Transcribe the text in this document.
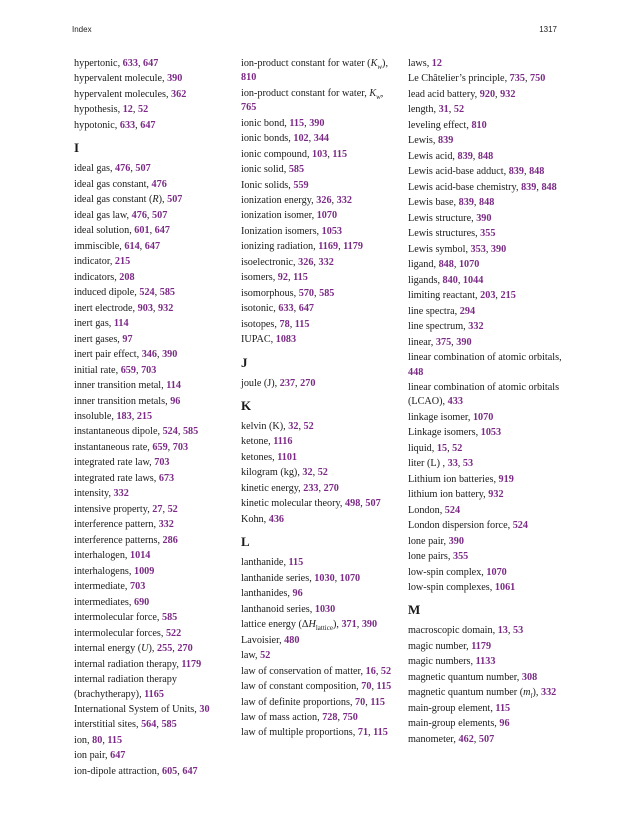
Index	1317
hypertonic, 633, 647
hypervalent molecule, 390
hypervalent molecules, 362
hypothesis, 12, 52
hypotonic, 633, 647
I
ideal gas, 476, 507
ideal gas constant, 476
ideal gas constant (R), 507
ideal gas law, 476, 507
ideal solution, 601, 647
immiscible, 614, 647
indicator, 215
indicators, 208
induced dipole, 524, 585
inert electrode, 903, 932
inert gas, 114
inert gases, 97
inert pair effect, 346, 390
initial rate, 659, 703
inner transition metal, 114
inner transition metals, 96
insoluble, 183, 215
instantaneous dipole, 524, 585
instantaneous rate, 659, 703
integrated rate law, 703
integrated rate laws, 673
intensity, 332
intensive property, 27, 52
interference pattern, 332
interference patterns, 286
interhalogen, 1014
interhalogens, 1009
intermediate, 703
intermediates, 690
intermolecular force, 585
intermolecular forces, 522
internal energy (U), 255, 270
internal radiation therapy, 1179
internal radiation therapy (brachytherapy), 1165
International System of Units, 30
interstitial sites, 564, 585
ion, 80, 115
ion pair, 647
ion-dipole attraction, 605, 647
ion-product constant for water $(K_w)$, 810
ion-product constant for water, $K_w$, 765
ionic bond, 115, 390
ionic bonds, 102, 344
ionic compound, 103, 115
ionic solid, 585
Ionic solids, 559
ionization energy, 326, 332
ionization isomer, 1070
Ionization isomers, 1053
ionizing radiation, 1169, 1179
isoelectronic, 326, 332
isomers, 92, 115
isomorphous, 570, 585
isotonic, 633, 647
isotopes, 78, 115
IUPAC, 1083
J
joule (J), 237, 270
K
kelvin (K), 32, 52
ketone, 1116
ketones, 1101
kilogram (kg), 32, 52
kinetic energy, 233, 270
kinetic molecular theory, 498, 507
Kohn, 436
L
lanthanide, 115
lanthanide series, 1030, 1070
lanthanides, 96
lanthanoid series, 1030
lattice energy $(\Delta H_{lattice})$, 371, 390
Lavoisier, 480
law, 52
law of conservation of matter, 16, 52
law of constant composition, 70, 115
law of definite proportions, 70, 115
law of mass action, 728, 750
law of multiple proportions, 71, 115
laws, 12
Le Châtelier’s principle, 735, 750
lead acid battery, 920, 932
length, 31, 52
leveling effect, 810
Lewis, 839
Lewis acid, 839, 848
Lewis acid-base adduct, 839, 848
Lewis acid-base chemistry, 839, 848
Lewis base, 839, 848
Lewis structure, 390
Lewis structures, 355
Lewis symbol, 353, 390
ligand, 848, 1070
ligands, 840, 1044
limiting reactant, 203, 215
line spectra, 294
line spectrum, 332
linear, 375, 390
linear combination of atomic orbitals, 448
linear combination of atomic orbitals (LCAO), 433
linkage isomer, 1070
Linkage isomers, 1053
liquid, 15, 52
liter (L) , 33, 53
Lithium ion batteries, 919
lithium ion battery, 932
London, 524
London dispersion force, 524
lone pair, 390
lone pairs, 355
low-spin complex, 1070
low-spin complexes, 1061
M
macroscopic domain, 13, 53
magic number, 1179
magic numbers, 1133
magnetic quantum number, 308
magnetic quantum number $(m_l)$, 332
main-group element, 115
main-group elements, 96
manometer, 462, 507
